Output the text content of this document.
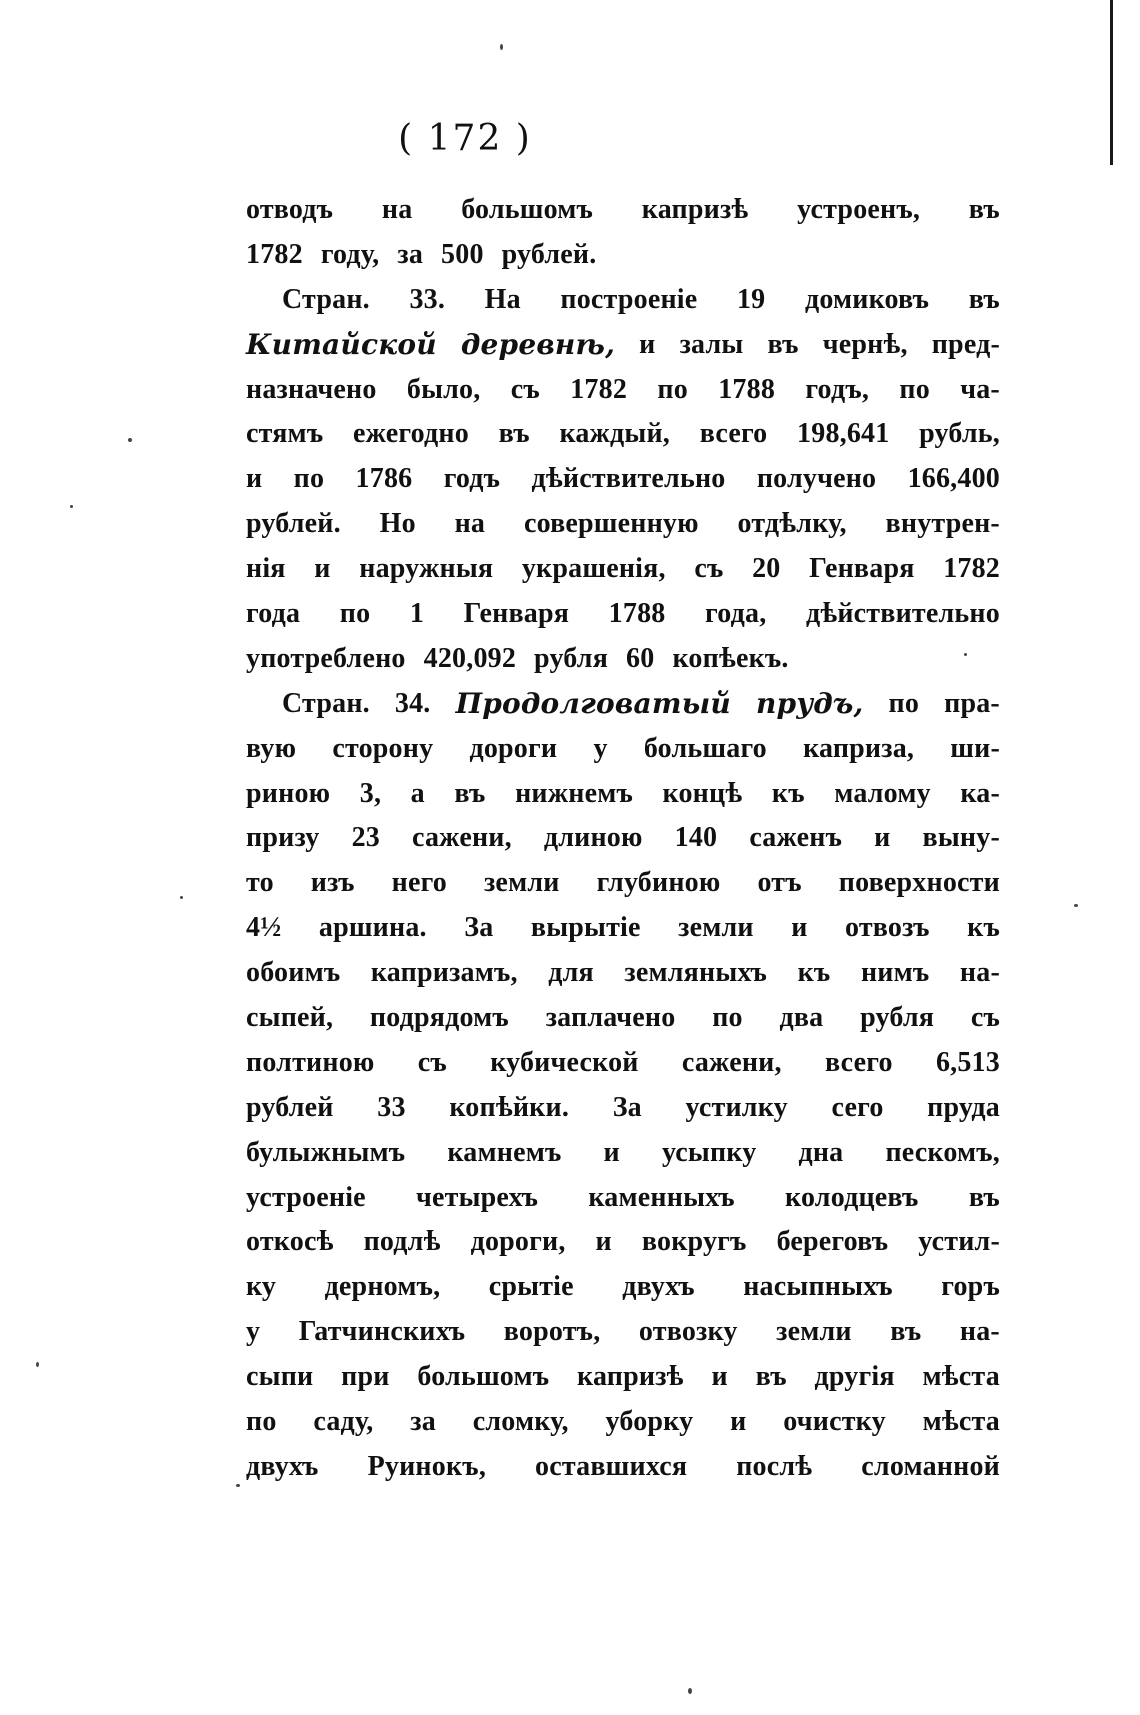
( 172 )
отводъ на большомъ капризѣ устроенъ, въ
1782 году, за 500 рублей.
Стран. 33. На построеніе 19 домиковъ въ
Китайской деревнѣ, и залы въ чернѣ, пред-
назначено было, съ 1782 по 1788 годъ, по ча-
стямъ ежегодно въ каждый, всего 198,641 рубль,
и по 1786 годъ дѣйствительно получено 166,400
рублей. Но на совершенную отдѣлку, внутрен-
нія и наружныя украшенія, съ 20 Генваря 1782
года по 1 Генваря 1788 года, дѣйствительно
употреблено 420,092 рубля 60 копѣекъ.
Стран. 34. Продолговатый прудъ, по пра-
вую сторону дороги у большаго каприза, ши-
риною 3, а въ нижнемъ концѣ къ малому ка-
призу 23 сажени, длиною 140 саженъ и выну-
то изъ него земли глубиною отъ поверхности
4½ аршина. За вырытіе земли и отвозъ къ
обоимъ капризамъ, для земляныхъ къ нимъ на-
сыпей, подрядомъ заплачено по два рубля съ
полтиною съ кубической сажени, всего 6,513
рублей 33 копѣйки. За устилку сего пруда
булыжнымъ камнемъ и усыпку дна пескомъ,
устроеніе четырехъ каменныхъ колодцевъ въ
откосѣ подлѣ дороги, и вокругъ береговъ устил-
ку дерномъ, срытіе двухъ насыпныхъ горъ
у Гатчинскихъ воротъ, отвозку земли въ на-
сыпи при большомъ капризѣ и въ другія мѣста
по саду, за сломку, уборку и очистку мѣста
двухъ Руинокъ, оставшихся послѣ сломанной
